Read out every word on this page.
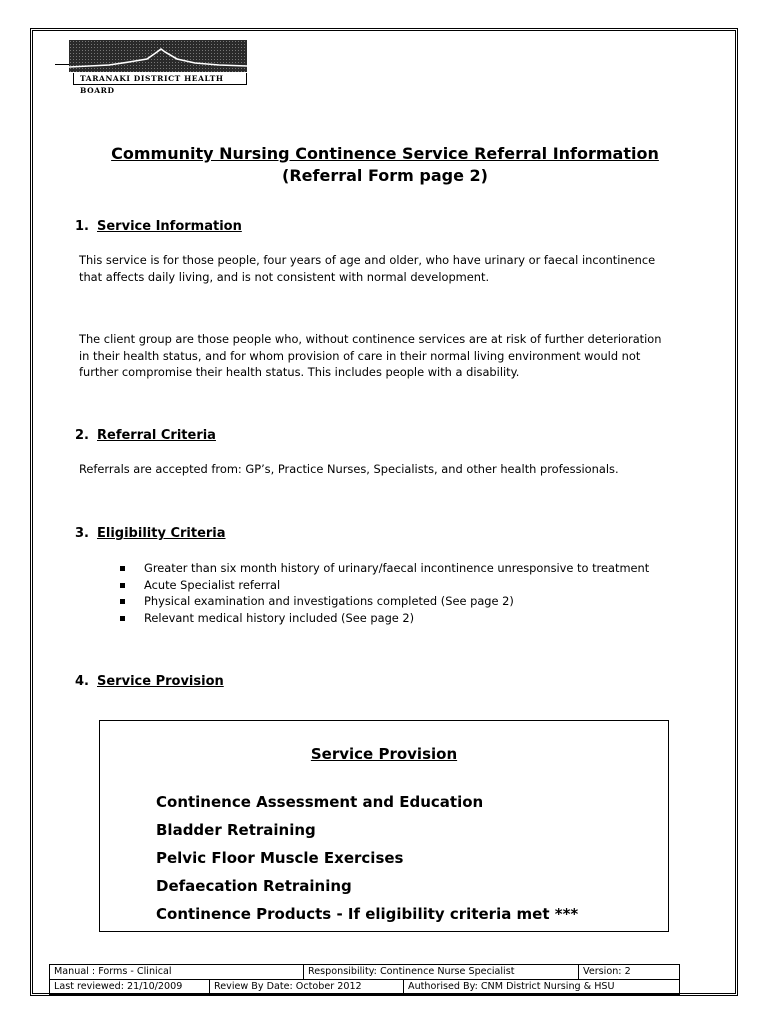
TARANAKI DISTRICT HEALTH BOARD
Community Nursing Continence Service Referral Information
(Referral Form page 2)
1. Service Information
This service is for those people, four years of age and older, who have urinary or faecal incontinence
that affects daily living, and is not consistent with normal development.
The client group are those people who, without continence services are at risk of further deterioration
in their health status, and for whom provision of care in their normal living environment would not
further compromise their health status. This includes people with a disability.
2. Referral Criteria
Referrals are accepted from: GP’s, Practice Nurses, Specialists, and other health professionals.
3. Eligibility Criteria
Greater than six month history of urinary/faecal incontinence unresponsive to treatment
Acute Specialist referral
Physical examination and investigations completed (See page 2)
Relevant medical history included (See page 2)
4. Service Provision
Service Provision
Continence Assessment and Education
Bladder Retraining
Pelvic Floor Muscle Exercises
Defaecation Retraining
Continence Products - If eligibility criteria met ***
Manual : Forms - Clinical		Responsibility: Continence Nurse Specialist		Version: 2
Last reviewed: 21/10/2009	Review By Date: October 2012		Authorised By: CNM District Nursing & HSU	
